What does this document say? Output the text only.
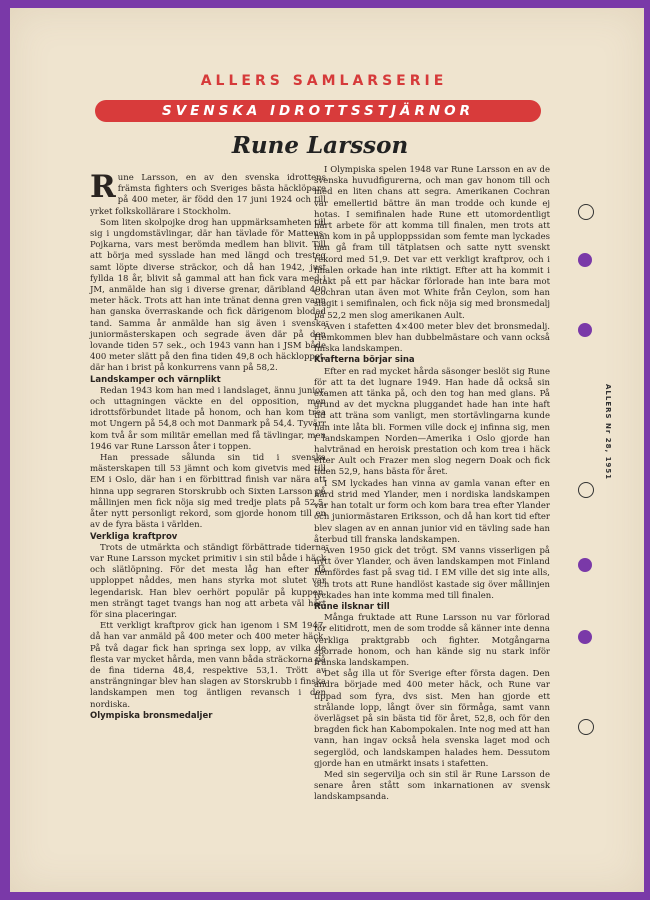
ALLERS SAMLARSERIE
SVENSKA IDROTTSSTJÄRNOR
Rune Larsson

Rune Larsson, en av den svenska idrottens främsta fighters och Sveriges bästa häcklöpare på 400 meter, är född den 17 juni 1924 och till yrket folkskollärare i Stockholm.

Som liten skolpojke drog han uppmärksamheten till sig i ungdomstävlingar, där han tävlade för Matteus-Pojkarna, vars mest berömda medlem han blivit. Till att börja med sysslade han med längd och tresteg samt löpte diverse sträckor, och då han 1942, just fyllda 18 år, blivit så gammal att han fick vara med i JM, anmälde han sig i diverse grenar, däribland 400 meter häck. Trots att han inte tränat denna gren vann han ganska överraskande och fick därigenom blodad tand. Samma år anmälde han sig även i svenska juniormästerskapen och segrade även där på den lovande tiden 57 sek., och 1943 vann han i JSM både 400 meter slätt på den fina tiden 49,8 och häckloppet, där han i brist på konkurrens vann på 58,2.

Landskamper och värnplikt

Redan 1943 kom han med i landslaget, ännu junior, och uttagningen väckte en del opposition, men idrottsförbundet litade på honom, och han kom trea mot Ungern på 54,8 och mot Danmark på 54,4. Tyvärr kom två år som militär emellan med få tävlingar, men 1946 var Rune Larsson åter i toppen.

Han pressade sålunda sin tid i svenska mästerskapen till 53 jämnt och kom givetvis med till EM i Oslo, där han i en förbittrad finish var nära att hinna upp segraren Storskrubb och Sixten Larsson på mållinjen men fick nöja sig med tredje plats på 52,5, åter nytt personligt rekord, som gjorde honom till en av de fyra bästa i världen.

Verkliga kraftprov

Trots de utmärkta och ständigt förbättrade tiderna var Rune Larsson mycket primitiv i sin stil både i häck och slätlöpning. För det mesta låg han efter då upploppet nåddes, men hans styrka mot slutet var legendarisk. Han blev oerhört populär på kuppen, men strängt taget tvangs han nog att arbeta väl hårt för sina placeringar.

Ett verkligt kraftprov gick han igenom i SM 1947, då han var anmäld på 400 meter och 400 meter häck. På två dagar fick han springa sex lopp, av vilka de flesta var mycket hårda, men vann båda sträckorna på de fina tiderna 48,4, respektive 53,1. Trött av ansträngningar blev han slagen av Storskrubb i finska landskampen men tog äntligen revansch i den nordiska.

Olympiska bronsmedaljer

I Olympiska spelen 1948 var Rune Larsson en av de svenska huvudfigurerna, och man gav honom till och med en liten chans att segra. Amerikanen Cochran var emellertid bättre än man trodde och kunde ej hotas. I semifinalen hade Rune ett utomordentligt hårt arbete för att komma till finalen, men trots att han kom in på upploppssidan som femte man lyckades han gå fram till tätplatsen och satte nytt svenskt rekord med 51,9. Det var ett verkligt kraftprov, och i finalen orkade han inte riktigt. Efter att ha kommit i otakt på ett par häckar förlorade han inte bara mot Cochran utan även mot White från Ceylon, som han slagit i semifinalen, och fick nöja sig med bronsmedalj på 52,2 men slog amerikanen Ault.

Även i stafetten 4×400 meter blev det bronsmedalj. Hemkommen blev han dubbelmästare och vann också finska landskampen.

Krafterna börjar sina

Efter en rad mycket hårda säsonger beslöt sig Rune för att ta det lugnare 1949. Han hade då också sin examen att tänka på, och den tog han med glans. På grund av det myckna pluggandet hade han inte haft tid att träna som vanligt, men stortävlingarna kunde han inte låta bli. Formen ville dock ej infinna sig, men i landskampen Norden—Amerika i Oslo gjorde han halvtränad en heroisk prestation och kom trea i häck efter Ault och Frazer men slog negern Doak och fick tiden 52,9, hans bästa för året.

I SM lyckades han vinna av gamla vanan efter en hård strid med Ylander, men i nordiska landskampen var han totalt ur form och kom bara trea efter Ylander och juniormästaren Eriksson, och då han kort tid efter blev slagen av en annan junior vid en tävling sade han återbud till franska landskampen.

Även 1950 gick det trögt. SM vanns visserligen på nytt över Ylander, och även landskampen mot Finland hemfördes fast på svag tid. I EM ville det sig inte alls, och trots att Rune handlöst kastade sig över mållinjen lyckades han inte komma med till finalen.

Rune ilsknar till

Många fruktade att Rune Larsson nu var förlorad för elitidrott, men de som trodde så känner inte denna verkliga praktgrabb och fighter. Motgångarna sporrade honom, och han kände sig nu stark inför franska landskampen.

Det såg illa ut för Sverige efter första dagen. Den andra började med 400 meter häck, och Rune var tippad som fyra, dvs sist. Men han gjorde ett strålande lopp, långt över sin förmåga, samt vann överlägset på sin bästa tid för året, 52,8, och för den bragden fick han Kabompokalen. Inte nog med att han vann, han ingav också hela svenska laget mod och segerglöd, och landskampen halades hem. Dessutom gjorde han en utmärkt insats i stafetten.

Med sin segervilja och sin stil är Rune Larsson de senare åren stått som inkarnationen av svensk landskampsanda.

ALLERS Nr 28, 1951
